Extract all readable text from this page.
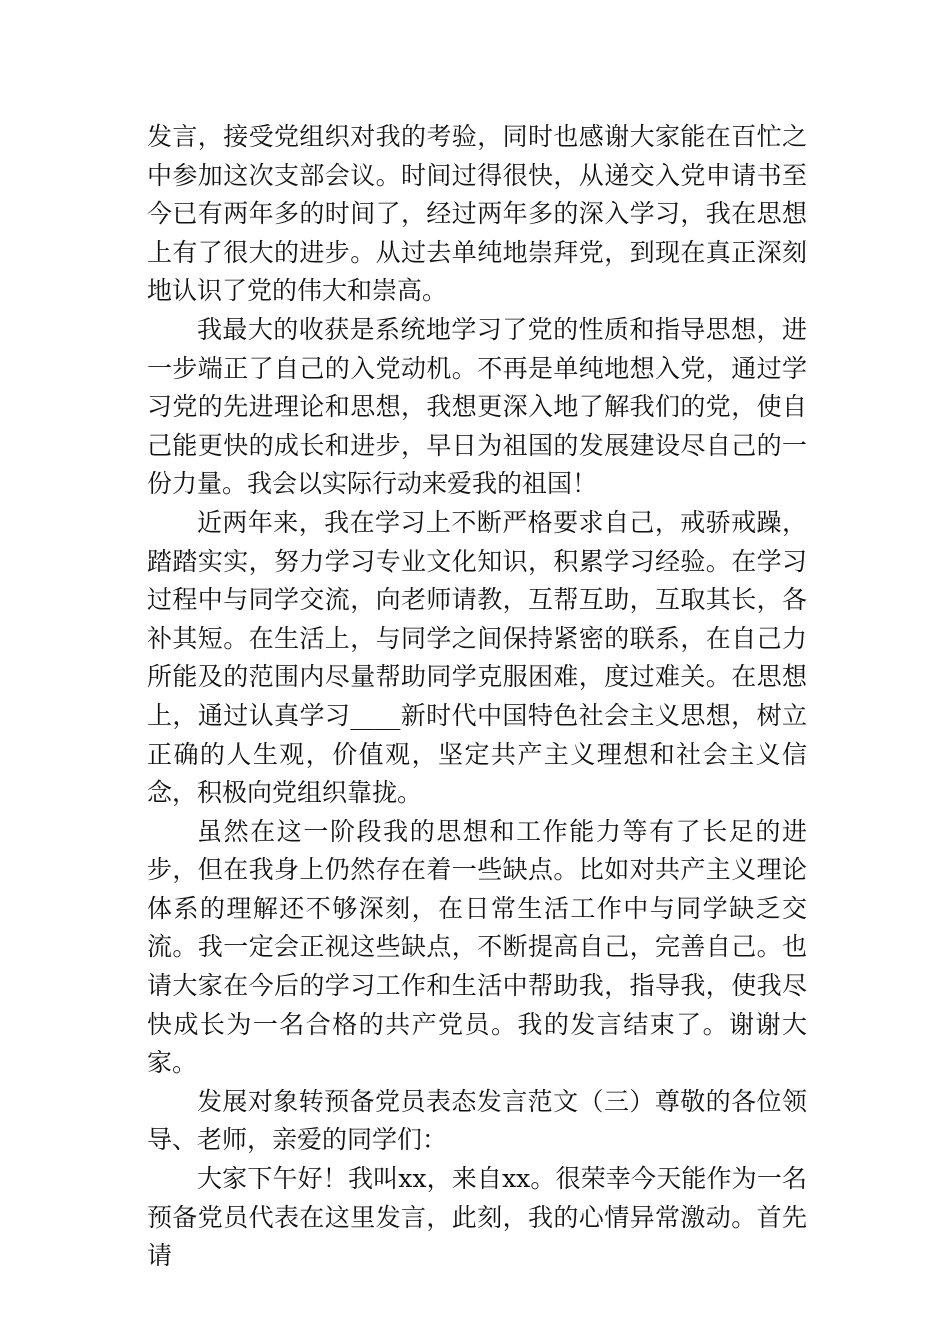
发言，接受党组织对我的考验，同时也感谢大家能在百忙之中参加这次支部会议。时间过得很快，从递交入党申请书至今已有两年多的时间了，经过两年多的深入学习，我在思想上有了很大的进步。从过去单纯地崇拜党，到现在真正深刻地认识了党的伟大和崇高。

我最大的收获是系统地学习了党的性质和指导思想，进一步端正了自己的入党动机。不再是单纯地想入党，通过学习党的先进理论和思想，我想更深入地了解我们的党，使自己能更快的成长和进步，早日为祖国的发展建设尽自己的一份力量。我会以实际行动来爱我的祖国！

近两年来，我在学习上不断严格要求自己，戒骄戒躁，踏踏实实，努力学习专业文化知识，积累学习经验。在学习过程中与同学交流，向老师请教，互帮互助，互取其长，各补其短。在生活上，与同学之间保持紧密的联系，在自己力所能及的范围内尽量帮助同学克服困难，度过难关。在思想上，通过认真学习____新时代中国特色社会主义思想，树立正确的人生观，价值观，坚定共产主义理想和社会主义信念，积极向党组织靠拢。

虽然在这一阶段我的思想和工作能力等有了长足的进步，但在我身上仍然存在着一些缺点。比如对共产主义理论体系的理解还不够深刻，在日常生活工作中与同学缺乏交流。我一定会正视这些缺点，不断提高自己，完善自己。也请大家在今后的学习工作和生活中帮助我，指导我，使我尽快成长为一名合格的共产党员。我的发言结束了。谢谢大家。

发展对象转预备党员表态发言范文（三）尊敬的各位领导、老师，亲爱的同学们：

大家下午好！我叫xx，来自xx。很荣幸今天能作为一名预备党员代表在这里发言，此刻，我的心情异常激动。首先请
